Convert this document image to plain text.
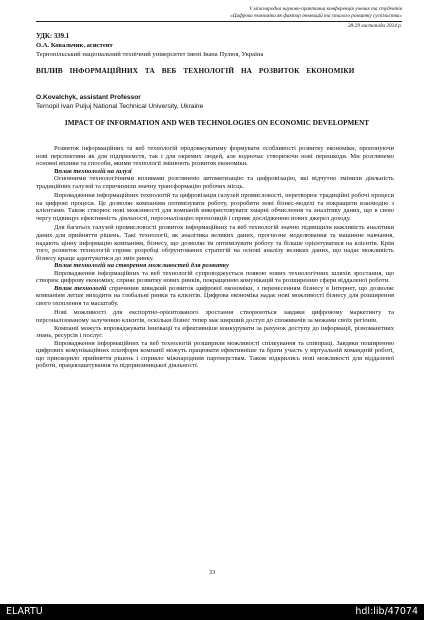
V міжнародна науково-практична конференція учених та студентів
«Цифрова економіка як фактор інновацій та сталого розвитку суспільства»
28-29 листопада 2024 р.
УДК: 339.1
О.А. Ковальчик, асистент
Тернопільський національний технічний університет імені Івана Пулюя, Україна
ВПЛИВ ІНФОРМАЦІЙНИХ ТА ВЕБ ТЕХНОЛОГІЙ НА РОЗВИТОК ЕКОНОМІКИ
O.Kovalchyk, assistant Professor
Ternopil Ivan Puljuj National Technical University, Ukraine
IMPACT OF INFORMATION AND WEB TECHNOLOGIES ON ECONOMIC DEVELOPMENT

Розвиток інформаційних та веб технологій продовжуватиму формувати особливості розвитку економіки, пропонуючи нові перспективи як для підприємств, так і для окремих людей, але водночас створюючи нові перешкоди. Ми розглянемо основні впливи та способи, якими технології змінюють розвиток економіки.

Вплив технологій на галузі

Основними технологічними впливами розглянемо автоматизацію та цифровізацію, які відчутно змінили діяльність традиційних галузей та спричинили значну трансформацію робочих місць.

Впровадження інформаційних технологій та цифровізація галузей промисловості, перетворює традиційні робочі процеси на цифрові процеси. Це дозволяє компаніям оптимізувати роботу, розробити нові бізнес-моделі та покращити взаємодію з клієнтами. Також створює нові можливості для компаній використовувати хмарні обчислення та аналітику даних, що в свою чергу підвищує ефективність діяльності, персоналізацію пропозицій і сприяє дослідженню нових джерел доходу.

Для багатьох галузей промисловості розвиток інформаційних та веб технологій значно підвищили важливість аналітики даних для прийняття рішень. Такі технології, як аналітика великих даних, прогнозне моделювання та машинне навчання, надають цінну інформацію компаніям, бізнесу, що дозволяє їм оптимізувати роботу та більше орієнтуватися на клієнтів. Крім того, розвиток технологій сприяє розробці обґрунтованих стратегій на основі аналізу великих даних, що надає можливість бізнесу краще адаптуватися до змін ринку.

Вплив технологій на створення можливостей для розвитку

Впровадження інформаційних та веб технологій супроводжується появою нових технологічних шляхів зростання, що створює цифрову економіку, сприяє розвитку нових ринків, покращенню комунікацій та розширенню сфери віддаленої роботи.

Вплив технологій спричинив швидкий розвиток цифрової економіки, з перенесенням бізнесу в Інтернет, що дозволяє компаніям легше виходити на глобальні ринки та клієнтів. Цифрова економіка надає нові можливості бізнесу для розширення свого охоплення та масштабу.

Нові можливості для експортно-орієнтованого зростання створюються завдяки цифровому маркетингу та персоналізованому залученню клієнтів, оскільки бізнес тепер має ширший доступ до споживачів за межами своїх регіонів.

Компанії можуть впроваджувати інновації та ефективніше конкурувати за рахунок доступу до інформації, різноманітних знань, ресурсів і послуг.

Впровадження інформаційних та веб технологій розширили можливості спілкування та співпраці. Завдяки поширенню цифрових комунікаційних платформ компанії можуть працювати ефективніше та брати участь у віртуальній командній роботі, що прискорило прийняття рішень і сприяло міжнародним партнерствам. Також відкрились нові можливості для віддаленої роботи, працевлаштування та підприємницької діяльності.

33
ELARTU	hdl:lib/47074
